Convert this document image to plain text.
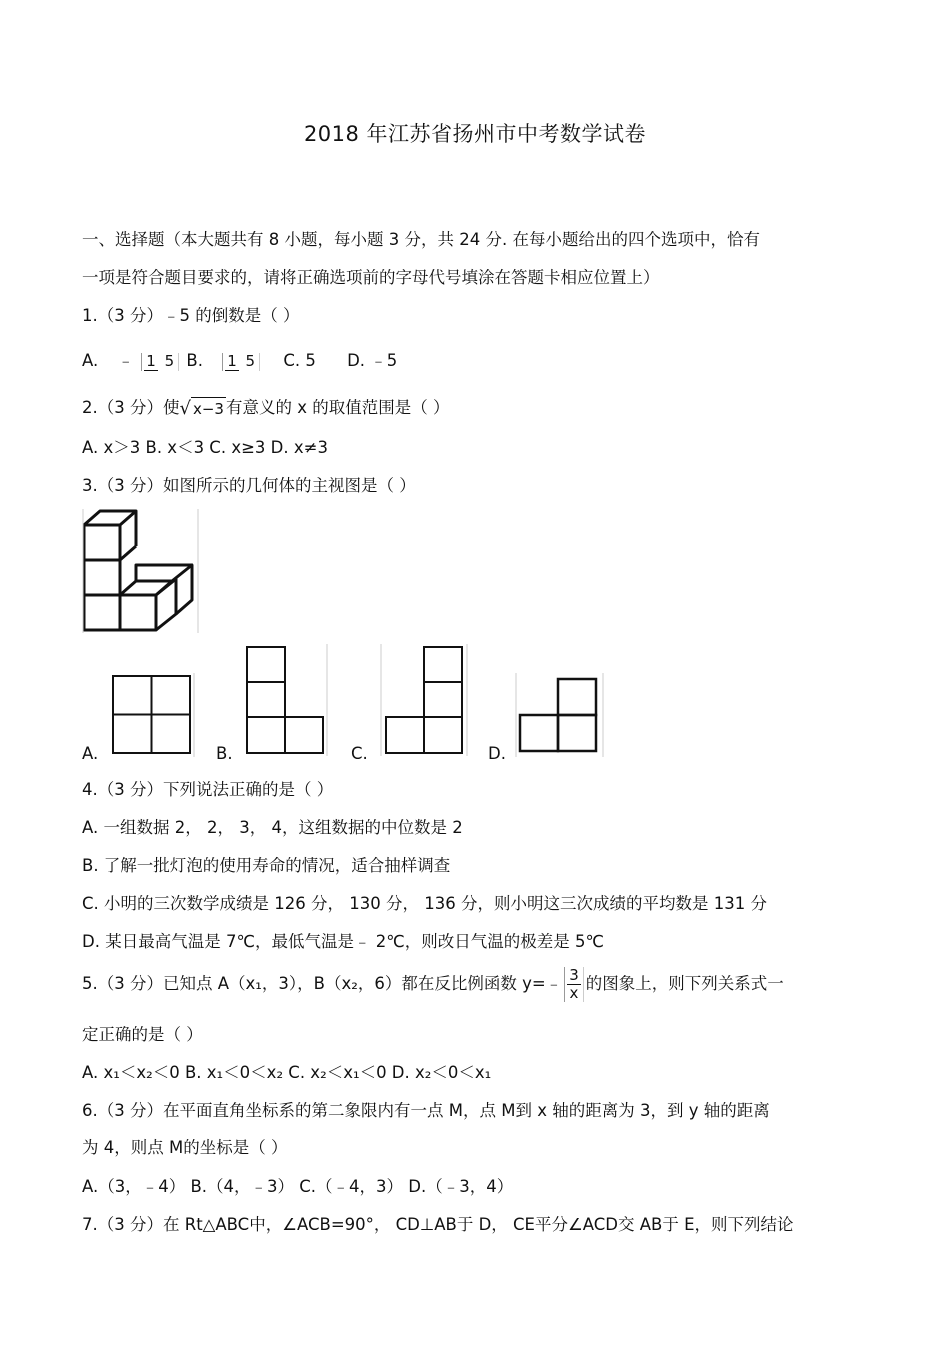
2018 年江苏省扬州市中考数学试卷
一、选择题（本大题共有 8 小题，每小题 3 分，共 24 分. 在每小题给出的四个选项中，恰有
一项是符合题目要求的，请将正确选项前的字母代号填涂在答题卡相应位置上）
1.（3 分）﹣5 的倒数是（ ）
A. ﹣ 1 5 B. 1 5 C. 5 D. ﹣5
2.（3 分）使 √ x−3 有意义的 x 的取值范围是（ ）
A. x＞3 B. x＜3 C. x≥3 D. x≠3
3.（3 分）如图所示的几何体的主视图是（ ）
A.	B.	C.	D.
4.（3 分）下列说法正确的是（ ）
A. 一组数据 2， 2， 3， 4，这组数据的中位数是 2
B. 了解一批灯泡的使用寿命的情况，适合抽样调查
C. 小明的三次数学成绩是 126 分， 130 分， 136 分，则小明这三次成绩的平均数是 131 分
D. 某日最高气温是 7℃，最低气温是﹣ 2℃，则改日气温的极差是 5℃
5.（3 分）已知点 A（x₁，3），B（x₂，6）都在反比例函数 y=﹣ $\frac{3}{x}$ 的图象上，则下列关系式一
定正确的是（ ）
A. x₁＜x₂＜0 B. x₁＜0＜x₂ C. x₂＜x₁＜0 D. x₂＜0＜x₁
6.（3 分）在平面直角坐标系的第二象限内有一点 M，点 M到 x 轴的距离为 3，到 y 轴的距离
为 4，则点 M的坐标是（ ）
A.（3，﹣4） B.（4，﹣3） C.（﹣4，3） D.（﹣3，4）
7.（3 分）在 Rt△ABC中，∠ACB=90°， CD⊥AB于 D， CE平分∠ACD交 AB于 E，则下列结论
